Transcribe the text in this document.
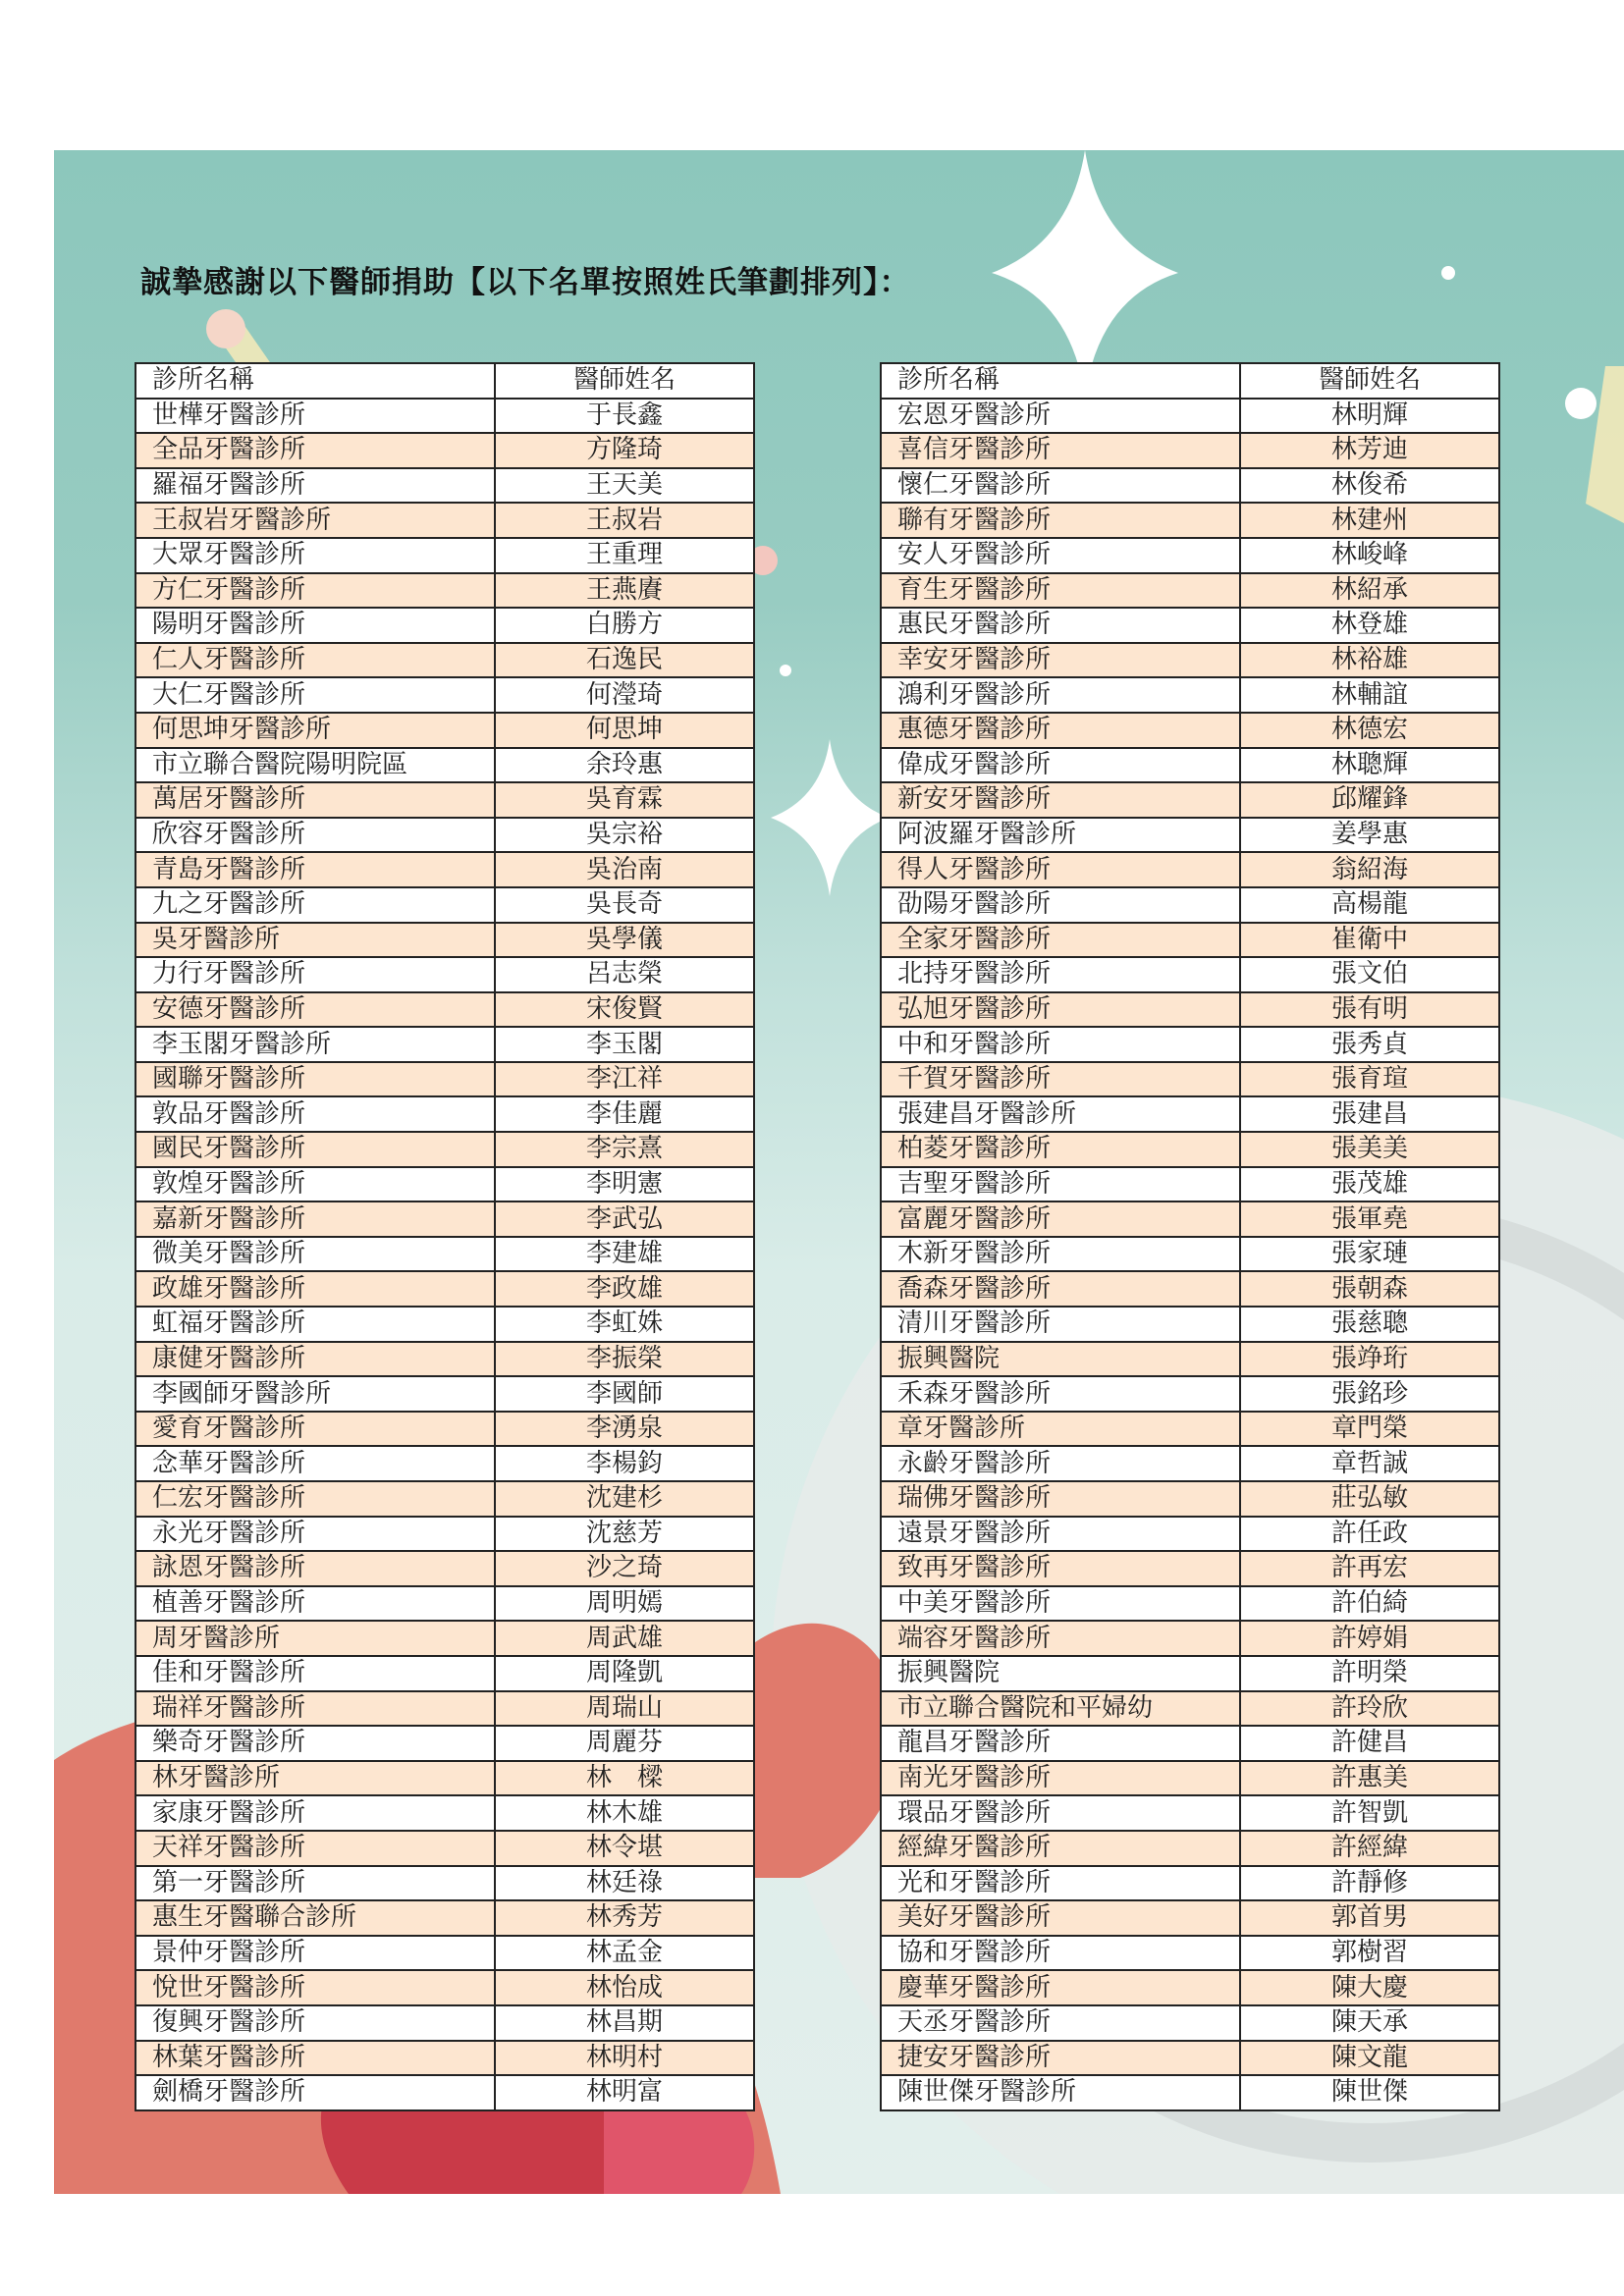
誠摯感謝以下醫師捐助【以下名單按照姓氏筆劃排列】：
診所名稱	醫師姓名
世樺牙醫診所	于長鑫
全品牙醫診所	方隆琦
羅福牙醫診所	王天美
王叔岩牙醫診所	王叔岩
大眾牙醫診所	王重理
方仁牙醫診所	王燕賡
陽明牙醫診所	白勝方
仁人牙醫診所	石逸民
大仁牙醫診所	何瀅琦
何思坤牙醫診所	何思坤
市立聯合醫院陽明院區	余玲惠
萬居牙醫診所	吳育霖
欣容牙醫診所	吳宗裕
青島牙醫診所	吳治南
九之牙醫診所	吳長奇
吳牙醫診所	吳學儀
力行牙醫診所	呂志榮
安德牙醫診所	宋俊賢
李玉閣牙醫診所	李玉閣
國聯牙醫診所	李江祥
敦品牙醫診所	李佳麗
國民牙醫診所	李宗熹
敦煌牙醫診所	李明憲
嘉新牙醫診所	李武弘
微美牙醫診所	李建雄
政雄牙醫診所	李政雄
虹福牙醫診所	李虹姝
康健牙醫診所	李振榮
李國師牙醫診所	李國師
愛育牙醫診所	李湧泉
念華牙醫診所	李楊鈞
仁宏牙醫診所	沈建杉
永光牙醫診所	沈慈芳
詠恩牙醫診所	沙之琦
植善牙醫診所	周明嫣
周牙醫診所	周武雄
佳和牙醫診所	周隆凱
瑞祥牙醫診所	周瑞山
樂奇牙醫診所	周麗芬
林牙醫診所	林　樑
家康牙醫診所	林木雄
天祥牙醫診所	林令堪
第一牙醫診所	林廷祿
惠生牙醫聯合診所	林秀芳
景仲牙醫診所	林孟金
悅世牙醫診所	林怡成
復興牙醫診所	林昌期
林葉牙醫診所	林明村
劍橋牙醫診所	林明富
診所名稱	醫師姓名
宏恩牙醫診所	林明輝
喜信牙醫診所	林芳迪
懷仁牙醫診所	林俊希
聯有牙醫診所	林建州
安人牙醫診所	林峻峰
育生牙醫診所	林紹承
惠民牙醫診所	林登雄
幸安牙醫診所	林裕雄
鴻利牙醫診所	林輔誼
惠德牙醫診所	林德宏
偉成牙醫診所	林聰輝
新安牙醫診所	邱耀鋒
阿波羅牙醫診所	姜學惠
得人牙醫診所	翁紹海
劭陽牙醫診所	高楊龍
全家牙醫診所	崔衛中
北持牙醫診所	張文伯
弘旭牙醫診所	張有明
中和牙醫診所	張秀貞
千賀牙醫診所	張育瑄
張建昌牙醫診所	張建昌
柏菱牙醫診所	張美美
吉聖牙醫診所	張茂雄
富麗牙醫診所	張軍堯
木新牙醫診所	張家璉
喬森牙醫診所	張朝森
清川牙醫診所	張慈聰
振興醫院	張竫珩
禾森牙醫診所	張銘珍
章牙醫診所	章門榮
永齡牙醫診所	章哲誠
瑞佛牙醫診所	莊弘敏
遠景牙醫診所	許任政
致再牙醫診所	許再宏
中美牙醫診所	許伯綺
端容牙醫診所	許婷娟
振興醫院	許明榮
市立聯合醫院和平婦幼	許玲欣
龍昌牙醫診所	許健昌
南光牙醫診所	許惠美
環品牙醫診所	許智凱
經緯牙醫診所	許經緯
光和牙醫診所	許靜修
美好牙醫診所	郭首男
協和牙醫診所	郭樹習
慶華牙醫診所	陳大慶
天丞牙醫診所	陳天承
捷安牙醫診所	陳文龍
陳世傑牙醫診所	陳世傑
